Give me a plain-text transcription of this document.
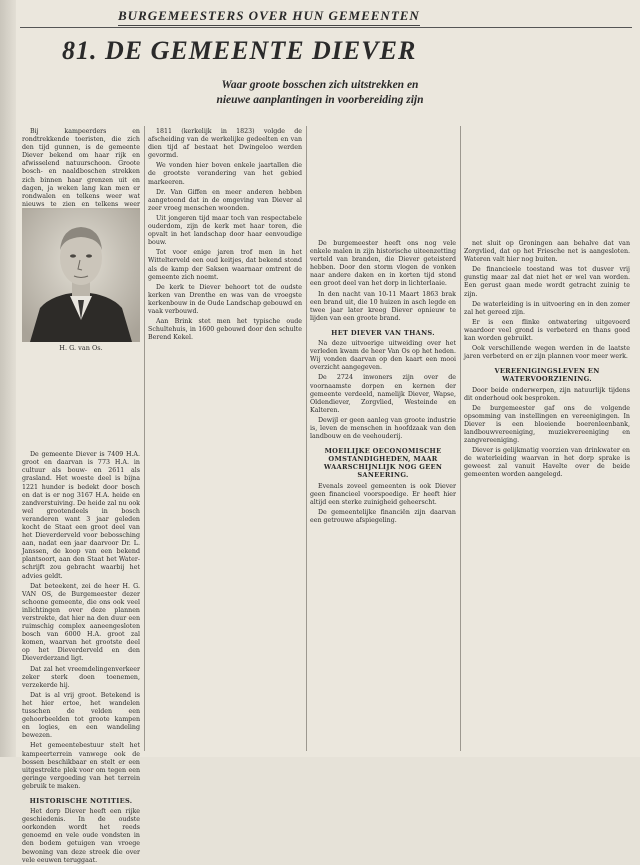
BURGEMEESTERS OVER HUN GEMEENTEN
81. DE GEMEENTE DIEVER
Waar groote bosschen zich uitstrekken en
nieuwe aanplantingen in voorbereiding zijn

Bij kampeerders en rondtrekkende toeristen, die zich den tijd gunnen, is de gemeente Diever bekend om haar rijk en afwisselend natuurschoon. Groote bosch- en naaldboschen strekken zich binnen haar grenzen uit en dagen, ja weken lang kan men er rondwalen en telkens weer wat nieuws te zien en telkens weer

De gemeente Diever is 7409 H.A. groot en daarvan is 773 H.A. in cultuur als bouw- en 2611 als grasland. Het woeste deel is bijna 1221 hunder is bedekt door bosch en dat is er nog 3167 H.A. heide en zandverstuiving. De heide zal nu ook wel grootendeels in bosch veranderen want 3 jaar geleden kocht de Staat een groot deel van het Dieverderveld voor bebossching aan, nadat een jaar daarvoor Dr. L. Janssen, de koop van een bekend plantsoort, aan den Staat het Water-schrijft zou gebracht waarbij het advies geldt.

Dat beteekent, zei de heer H. G. VAN OS, de Burgemeester dezer schoone gemeente, die ons ook veel inlichtingen over deze plannen verstrekte, dat hier na den duur een ruimschig complex aaneengesloten bosch van 6000 H.A. groot zal komen, waarvan het grootste deel op het Dieverderveld en den Dieverderzand ligt.

Dat zal het vreemdelingenverkeer zeker sterk doen toenemen, verzekerde hij.

Dat is al vrij groot. Betekend is het hier ertoe, het wandelen tusschen de velden een gehoorbeelden tot groote kampen en logies, en een wandeling bewezen.

Het gemeentebestuur stelt het kampeerterrein vanwege ook de bossen beschikbaar en stelt er een uitgestrekte plek voor om tegen een geringe vergoeding van het terrein gebruik te maken.

HISTORISCHE NOTITIES.

Het dorp Diever heeft een rijke geschiedenis. In de oudste oorkonden wordt het reeds genoemd en vele oude vondsten in den bodem getuigen van vroege bewoning van deze streek die over vele eeuwen teruggaat.

H. G. van Os.

1811 (kerkelijk in 1823) volgde de afscheiding van de werkelijke gedeelten en van dien tijd af bestaat het Dwingeloo werden gevormd.

We vonden hier boven enkele jaartallen die de grootste verandering van het gebied markeeren.

Dr. Van Giffen en meer anderen hebben aangetoond dat in de omgeving van Diever al zeer vroeg menschen woonden.

Uit jongeren tijd maar toch van respectabele ouderdom, zijn de kerk met haar toren, die opvalt in het landschap door haar eenvoudige bouw.

Tot voor enige jaren trof men in het Wittelterveld een oud keitjes, dat bekend stond als de kamp der Saksen waarnaar omtrent de gemeente zich noemt.

De kerk te Diever behoort tot de oudste kerken van Drenthe en was van de vroegste kerkenbouw in de Oude Landschap gebouwd en vaak verbouwd.

Aan Brink stet men het typische oude Schultehuis, in 1600 gebouwd door den schulte Berend Kekel.

De burgemeester heeft ons nog vele enkele malen in zijn historische uiteenzetting verteld van branden, die Diever geteisterd hebben. Door den storm vlogen de vonken naar andere daken en in korten tijd stond een groot deel van het dorp in lichterlaaie.

In den nacht van 10-11 Maart 1863 brak een brand uit, die 10 huizen in asch legde en twee jaar later kreeg Diever opnieuw te lijden van een groote brand.

HET DIEVER VAN THANS.

Na deze uitvoerige uitweiding over het verleden kwam de heer Van Os op het heden. Wij vonden daarvan op den kaart een mooi overzicht aangegeven.

De 2724 inwoners zijn over de voornaamste dorpen en kernen der gemeente verdeeld, namelijk Diever, Wapse, Oldendiever, Zorgvlied, Westeinde en Kalteren.

Dewijl er geen aanleg van groote industrie is, leven de menschen in hoofdzaak van den landbouw en de veehouderij.

MOEILIJKE OECONOMISCHE OMSTANDIGHEDEN, MAAR WAARSCHIJNLIJK NOG GEEN SANEERING.

Evenals zoveel gemeenten is ook Diever geen financieel voorspoedige. Er heeft hier altijd een sterke zuinigheid geheerscht.

De gemeentelijke financiën zijn daarvan een getrouwe afspiegeling.

net sluit op Groningen aan behalve dat van Zorgvlied, dat op het Friesche net is aangesloten. Wateren valt hier nog buiten.

De financieele toestand was tot dusver vrij gunstig maar zal dat niet het er wel van worden. Een gerust gaan mede wordt getracht zuinig te zijn.

De waterleiding is in uitvoering en in den zomer zal het gereed zijn.

Er is een flinke ontwatering uitgevoerd waardoor veel grond is verbeterd en thans goed kan worden gebruikt.

Ook verschillende wegen werden in de laatste jaren verbeterd en er zijn plannen voor meer werk.

VEREENIGINGSLEVEN EN WATERVOORZIENING.

Door beide onderwerpen, zijn natuurlijk tijdens dit onderhoud ook besproken.

De burgemeester gaf ons de volgende opsomming van instellingen en vereenigingen. In Diever is een bloeiende boerenleenbank, landbouwvereeniging, muziekvereeniging en zangvereeniging.

Diever is gelijkmatig voorzien van drinkwater en de waterleiding waarvan in het dorp sprake is geweest zal vanuit Havelte over de beide gemeenten worden aangelegd.
